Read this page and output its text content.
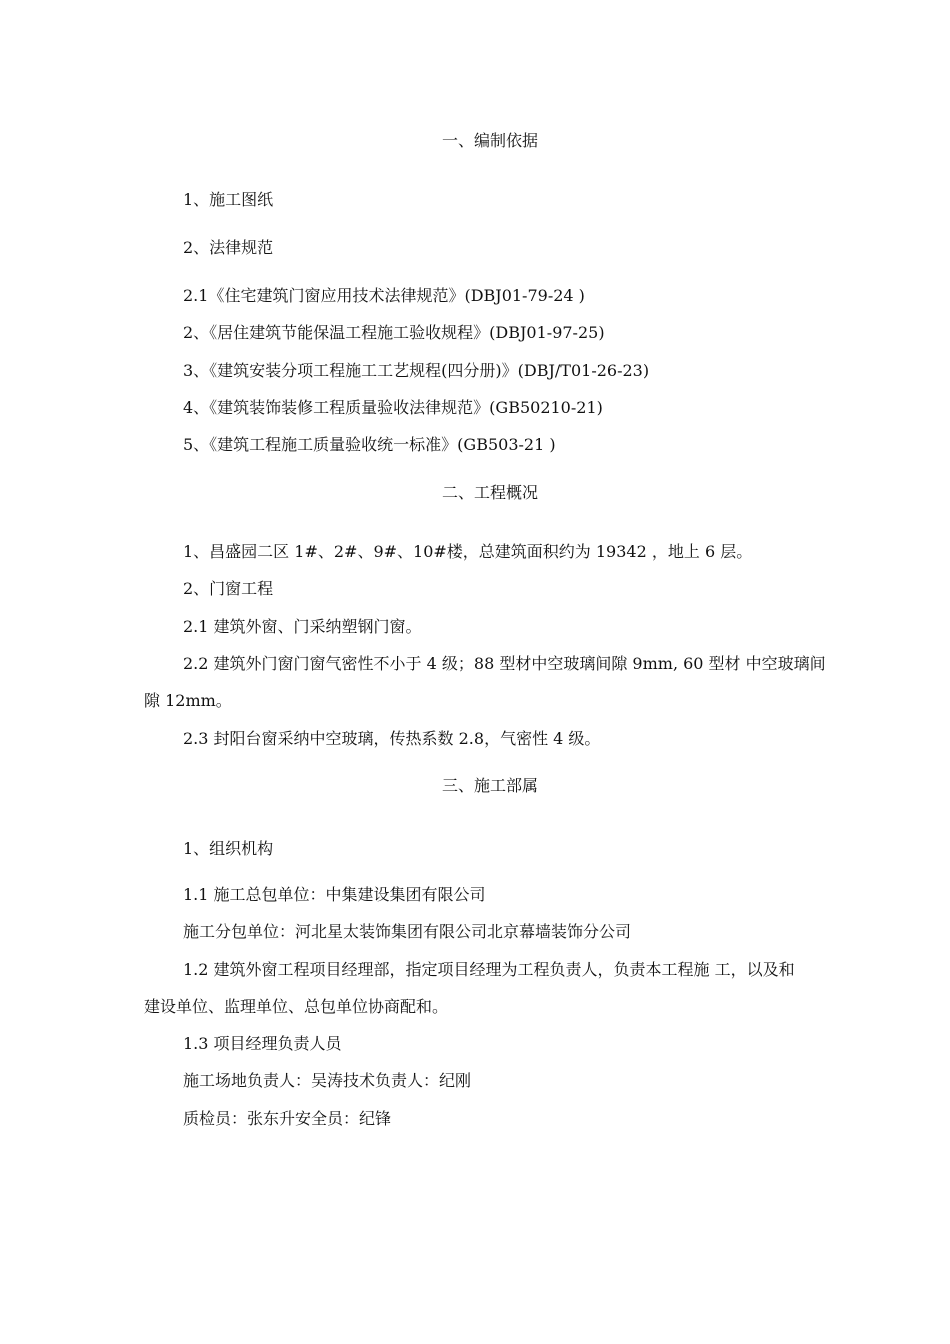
一、编制依据
1、施工图纸
2、法律规范
2.1《住宅建筑门窗应用技术法律规范》(DBJ01-79-24 )
2、《居住建筑节能保温工程施工验收规程》(DBJ01-97-25)
3、《建筑安装分项工程施工工艺规程(四分册)》(DBJ/T01-26-23)
4、《建筑装饰装修工程质量验收法律规范》(GB50210-21)
5、《建筑工程施工质量验收统一标准》(GB503-21 )
二、工程概况
1、昌盛园二区 1#、2#、9#、10#楼，总建筑面积约为 19342 ，地上 6 层。
2、门窗工程
2.1 建筑外窗、门采纳塑钢门窗。
2.2 建筑外门窗门窗气密性不小于 4 级；88 型材中空玻璃间隙 9mm, 60 型材 中空玻璃间
隙 12mm。
2.3 封阳台窗采纳中空玻璃，传热系数 2.8，气密性 4 级。
三、施工部属
1、组织机构
1.1 施工总包单位：中集建设集团有限公司
施工分包单位：河北星太装饰集团有限公司北京幕墙装饰分公司
1.2 建筑外窗工程项目经理部，指定项目经理为工程负责人，负责本工程施 工，以及和
建设单位、监理单位、总包单位协商配和。
1.3 项目经理负责人员
施工场地负责人：吴涛技术负责人：纪刚
质检员：张东升安全员：纪锋
